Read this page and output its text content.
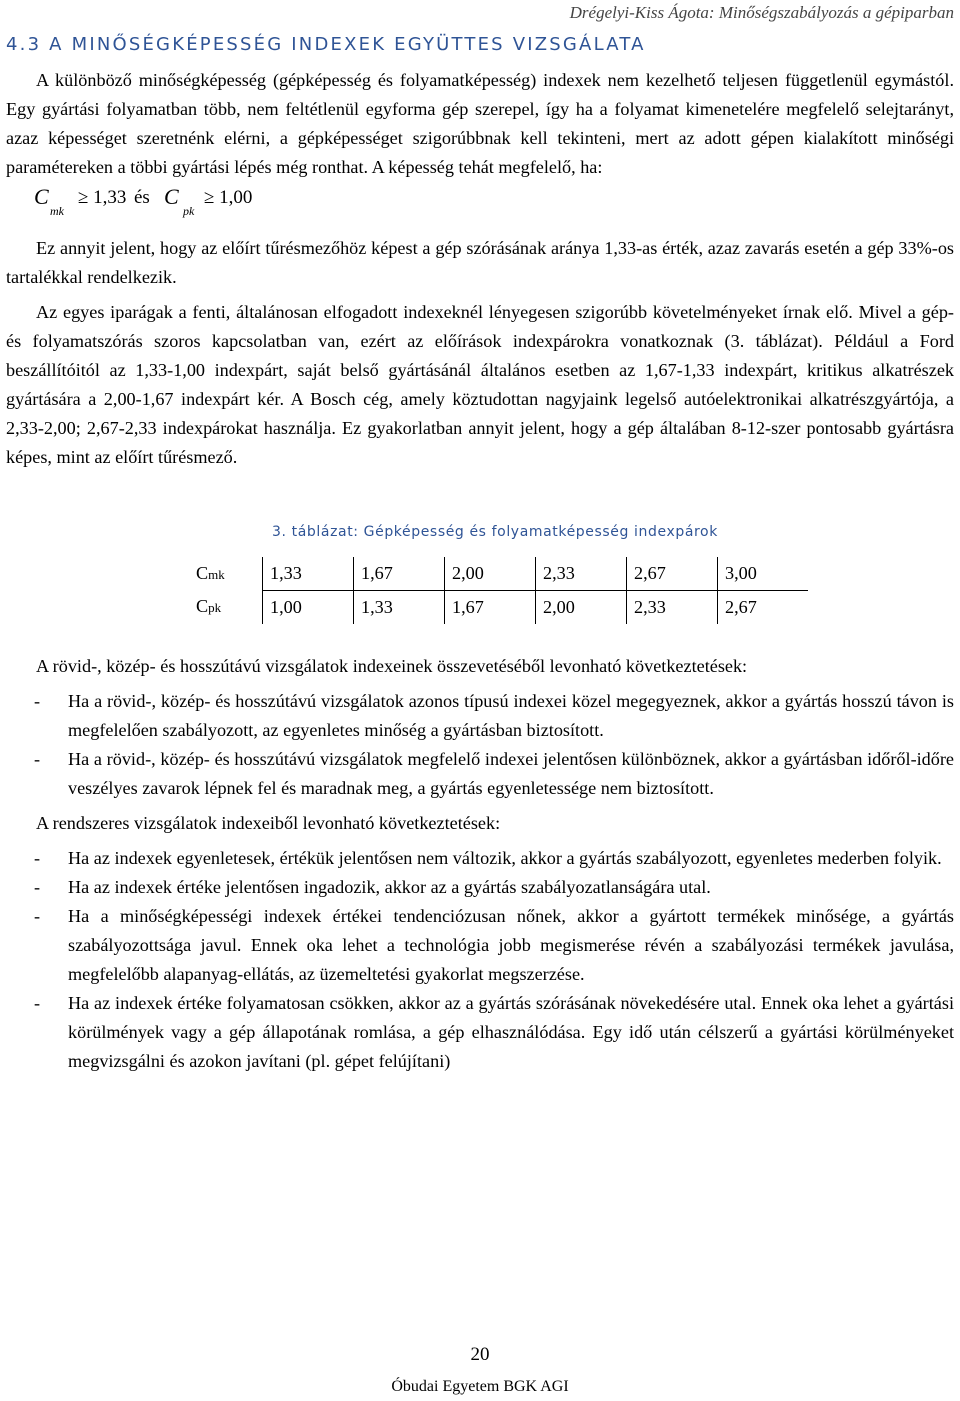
Drégelyi-Kiss Ágota: Minőségszabályozás a gépiparban
4.3 A MINŐSÉGKÉPESSÉG INDEXEK EGYÜTTES VIZSGÁLATA

A különböző minőségképesség (gépképesség és folyamatképesség) indexek nem kezelhető teljesen függetlenül egymástól. Egy gyártási folyamatban több, nem feltétlenül egyforma gép szerepel, így ha a folyamat kimenetelére megfelelő selejtarányt, azaz képességet szeretnénk elérni, a gépképességet szigorúbbnak kell tekinteni, mert az adott gépen kialakított minőségi paramétereken a többi gyártási lépés még ronthat. A képesség tehát megfelelő, ha:

C
mk
≥ 1,33 és C
pk
≥ 1,00

Ez annyit jelent, hogy az előírt tűrésmezőhöz képest a gép szórásának aránya 1,33-as érték, azaz zavarás esetén a gép 33%-os tartalékkal rendelkezik.

Az egyes iparágak a fenti, általánosan elfogadott indexeknél lényegesen szigorúbb követelményeket írnak elő. Mivel a gép- és folyamatszórás szoros kapcsolatban van, ezért az előírások indexpárokra vonatkoznak (3. táblázat). Például a Ford beszállítóitól az 1,33-1,00 indexpárt, saját belső gyártásánál általános esetben az 1,67-1,33 indexpárt, kritikus alkatrészek gyártására a 2,00-1,67 indexpárt kér. A Bosch cég, amely köztudottan nagyjaink legelső autóelektronikai alkatrészgyártója, a 2,33-2,00; 2,67-2,33 indexpárokat használja. Ez gyakorlatban annyit jelent, hogy a gép általában 8-12-szer pontosabb gyártásra képes, mint az előírt tűrésmező.

3. táblázat: Gépképesség és folyamatképesség indexpárok
Cmk	1,33	1,67	2,00	2,33	2,67	3,00
Cpk	1,00	1,33	1,67	2,00	2,33	2,67

A rövid-, közép- és hosszútávú vizsgálatok indexeinek összevetéséből levonható következtetések:

- Ha a rövid-, közép- és hosszútávú vizsgálatok azonos típusú indexei közel megegyeznek, akkor a gyártás hosszú távon is megfelelően szabályozott, az egyenletes minőség a gyártásban biztosított.
- Ha a rövid-, közép- és hosszútávú vizsgálatok megfelelő indexei jelentősen különböznek, akkor a gyártásban időről-időre veszélyes zavarok lépnek fel és maradnak meg, a gyártás egyenletessége nem biztosított.

A rendszeres vizsgálatok indexeiből levonható következtetések:

- Ha az indexek egyenletesek, értékük jelentősen nem változik, akkor a gyártás szabályozott, egyenletes mederben folyik.
- Ha az indexek értéke jelentősen ingadozik, akkor az a gyártás szabályozatlanságára utal.
- Ha a minőségképességi indexek értékei tendenciózusan nőnek, akkor a gyártott termékek minősége, a gyártás szabályozottsága javul. Ennek oka lehet a technológia jobb megismerése révén a szabályozási termékek javulása, megfelelőbb alapanyag-ellátás, az üzemeltetési gyakorlat megszerzése.
- Ha az indexek értéke folyamatosan csökken, akkor az a gyártás szórásának növekedésére utal. Ennek oka lehet a gyártási körülmények vagy a gép állapotának romlása, a gép elhasználódása. Egy idő után célszerű a gyártási körülményeket megvizsgálni és azokon javítani (pl. gépet felújítani)
20
Óbudai Egyetem BGK AGI
